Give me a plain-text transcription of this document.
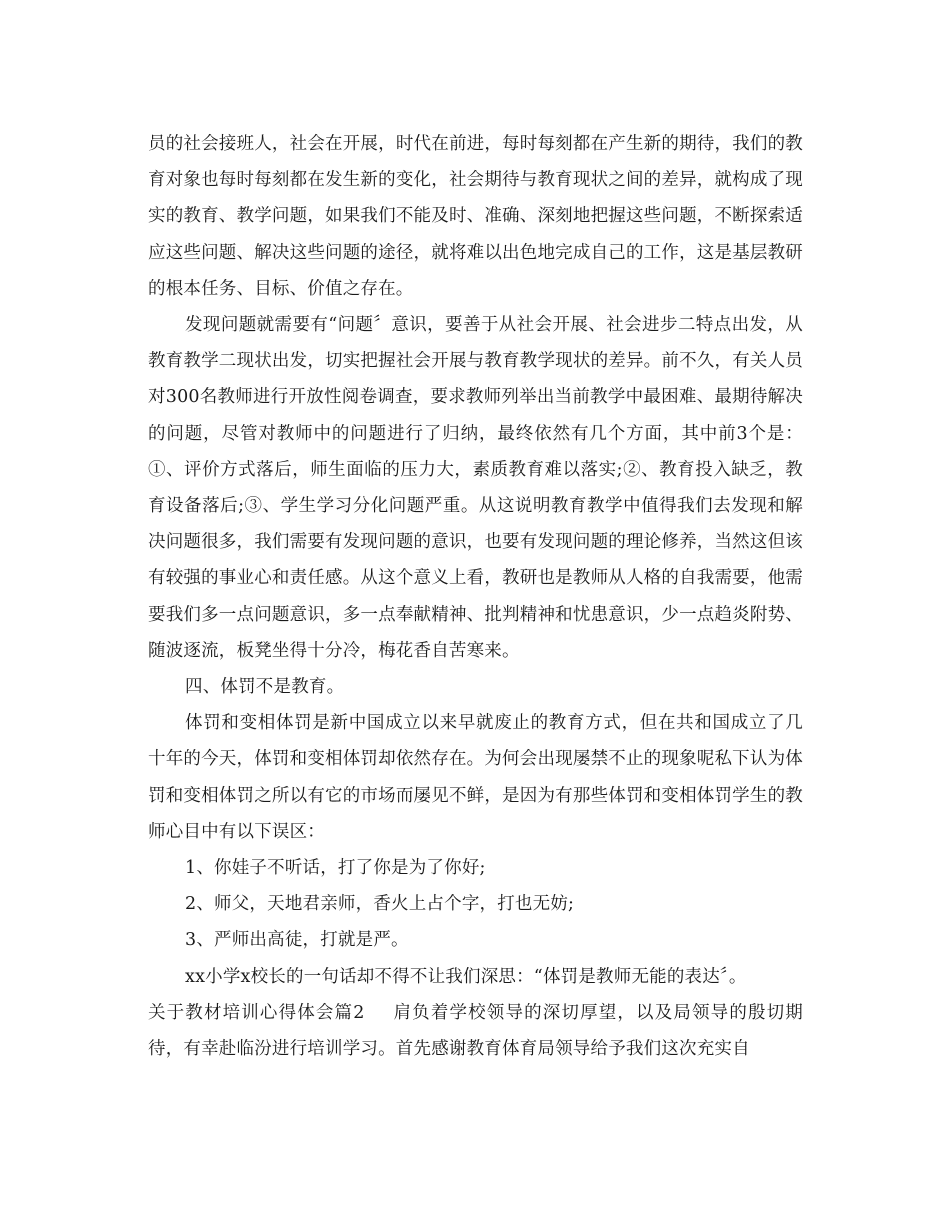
员的社会接班人，社会在开展，时代在前进，每时每刻都在产生新的期待，我们的教育对象也每时每刻都在发生新的变化，社会期待与教育现状之间的差异，就构成了现实的教育、教学问题，如果我们不能及时、准确、深刻地把握这些问题，不断探索适应这些问题、解决这些问题的途径，就将难以出色地完成自己的工作，这是基层教研的根本任务、目标、价值之存在。

发现问题就需要有“问题〞意识，要善于从社会开展、社会进步二特点出发，从教育教学二现状出发，切实把握社会开展与教育教学现状的差异。前不久，有关人员对300名教师进行开放性阅卷调查，要求教师列举出当前教学中最困难、最期待解决的问题，尽管对教师中的问题进行了归纳，最终依然有几个方面，其中前3个是：①、评价方式落后，师生面临的压力大，素质教育难以落实;②、教育投入缺乏，教育设备落后;③、学生学习分化问题严重。从这说明教育教学中值得我们去发现和解决问题很多，我们需要有发现问题的意识，也要有发现问题的理论修养，当然这但该有较强的事业心和责任感。从这个意义上看，教研也是教师从人格的自我需要，他需要我们多一点问题意识，多一点奉献精神、批判精神和忧患意识，少一点趋炎附势、随波逐流，板凳坐得十分冷，梅花香自苦寒来。

四、体罚不是教育。

体罚和变相体罚是新中国成立以来早就废止的教育方式，但在共和国成立了几十年的今天，体罚和变相体罚却依然存在。为何会出现屡禁不止的现象呢私下认为体罚和变相体罚之所以有它的市场而屡见不鲜，是因为有那些体罚和变相体罚学生的教师心目中有以下误区：

1、你娃子不听话，打了你是为了你好;

2、师父，天地君亲师，香火上占个字，打也无妨;

3、严师出高徒，打就是严。

xx小学x校长的一句话却不得不让我们深思：“体罚是教师无能的表达〞。

关于教材培训心得体会篇2 肩负着学校领导的深切厚望，以及局领导的殷切期待，有幸赴临汾进行培训学习。首先感谢教育体育局领导给予我们这次充实自
